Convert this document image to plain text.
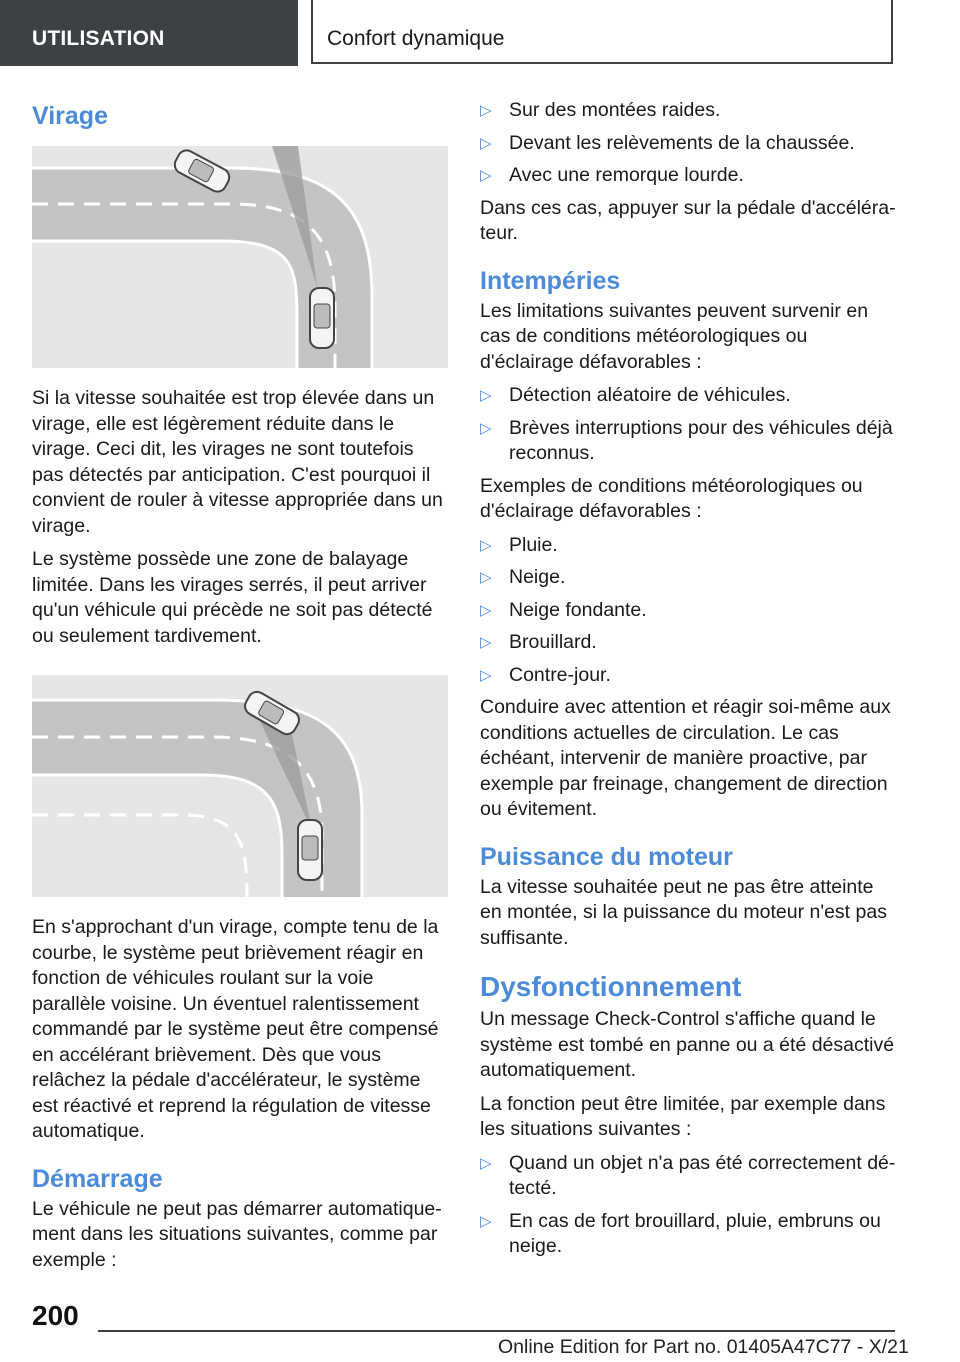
UTILISATION	Confort dynamique
Virage

Si la vitesse souhaitée est trop élevée dans un virage, elle est légèrement réduite dans le virage. Ceci dit, les virages ne sont toutefois pas détectés par anticipation. C'est pourquoi il convient de rouler à vitesse appropriée dans un virage.

Le système possède une zone de balayage limitée. Dans les virages serrés, il peut arriver qu'un véhicule qui précède ne soit pas détecté ou seulement tardivement.

En s'approchant d'un virage, compte tenu de la courbe, le système peut brièvement réagir en fonction de véhicules roulant sur la voie parallèle voisine. Un éventuel ralentissement commandé par le système peut être compensé en accélérant brièvement. Dès que vous relâchez la pédale d'accélérateur, le système est réactivé et reprend la régulation de vitesse automatique.

Démarrage

Le véhicule ne peut pas démarrer automatiquement dans les situations suivantes, comme par exemple :

▷ Sur des montées raides.
▷ Devant les relèvements de la chaussée.
▷ Avec une remorque lourde.

Dans ces cas, appuyer sur la pédale d'accélérateur.

Intempéries

Les limitations suivantes peuvent survenir en cas de conditions météorologiques ou d'éclairage défavorables :

▷ Détection aléatoire de véhicules.
▷ Brèves interruptions pour des véhicules déjà reconnus.

Exemples de conditions météorologiques ou d'éclairage défavorables :

▷ Pluie.
▷ Neige.
▷ Neige fondante.
▷ Brouillard.
▷ Contre-jour.

Conduire avec attention et réagir soi-même aux conditions actuelles de circulation. Le cas échéant, intervenir de manière proactive, par exemple par freinage, changement de direction ou évitement.

Puissance du moteur

La vitesse souhaitée peut ne pas être atteinte en montée, si la puissance du moteur n'est pas suffisante.

Dysfonctionnement

Un message Check-Control s'affiche quand le système est tombé en panne ou a été désactivé automatiquement.

La fonction peut être limitée, par exemple dans les situations suivantes :

▷ Quand un objet n'a pas été correctement détecté.
▷ En cas de fort brouillard, pluie, embruns ou neige.
200
Online Edition for Part no. 01405A47C77 - X/21
